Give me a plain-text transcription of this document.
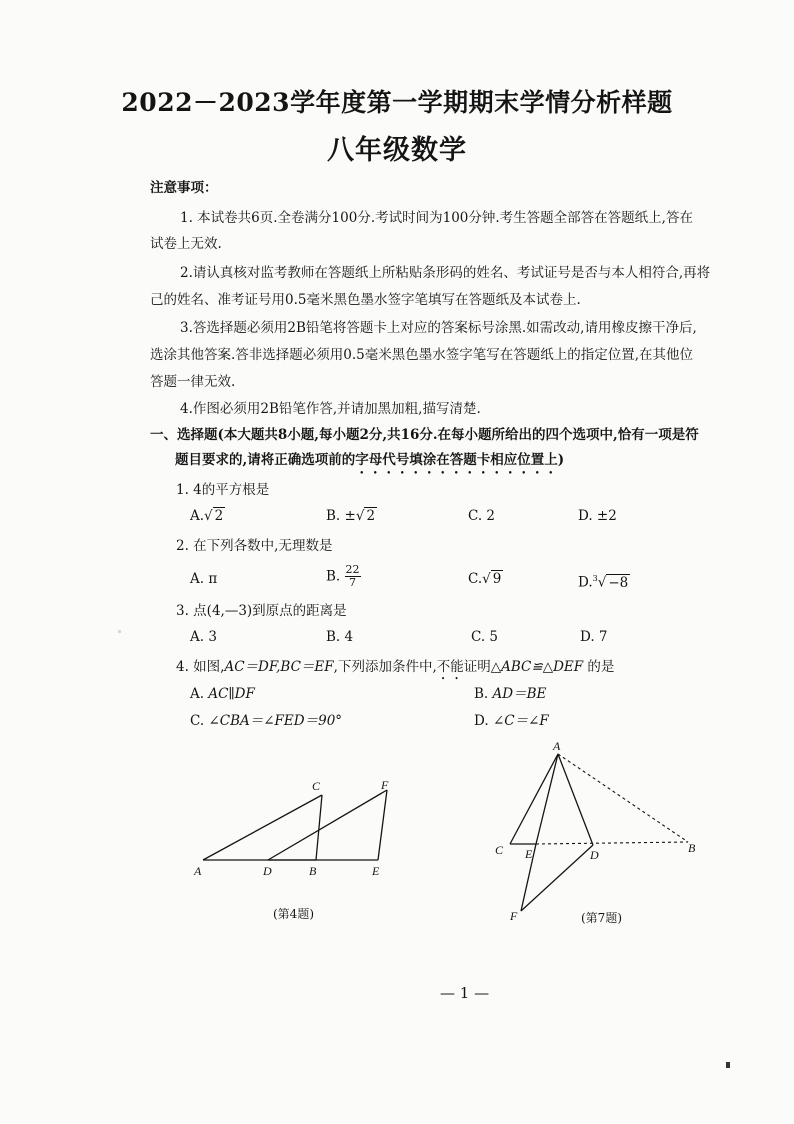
2022－2023学年度第一学期期末学情分析样题
八年级数学
注意事项：
1. 本试卷共6页.全卷满分100分.考试时间为100分钟.考生答题全部答在答题纸上,答在
试卷上无效.
2.请认真核对监考教师在答题纸上所粘贴条形码的姓名、考试证号是否与本人相符合,再将
己的姓名、准考证号用0.5毫米黑色墨水签字笔填写在答题纸及本试卷上.
3.答选择题必须用2B铅笔将答题卡上对应的答案标号涂黑.如需改动,请用橡皮擦干净后,
选涂其他答案.答非选择题必须用0.5毫米黑色墨水签字笔写在答题纸上的指定位置,在其他位
答题一律无效.
4.作图必须用2B铅笔作答,并请加黑加粗,描写清楚.
一、选择题(本大题共8小题,每小题2分,共16分.在每小题所给出的四个选项中,恰有一项是符
题目要求的,请将正确选项前的字母代号填涂在答题卡相应位置上)
1. 4的平方根是
A.√ 2	B. ±√ 2	C. 2	D. ±2
2. 在下列各数中,无理数是
A. π	B. $\frac{22}{7}$	C.√ 9	D.$^3$√ −8
3. 点(4,—3)到原点的距离是
A. 3	B. 4	C. 5	D. 7
4. 如图,AC＝DF,BC＝EF,下列添加条件中,不能证明△ABC≌△DEF 的是
A. AC∥DF	B. AD＝BE
C. ∠CBA＝∠FED＝90°	D. ∠C＝∠F
A	D	B	E
C	F
(第4题)
A
C E	D	B
F	(第7题)
— 1 —
